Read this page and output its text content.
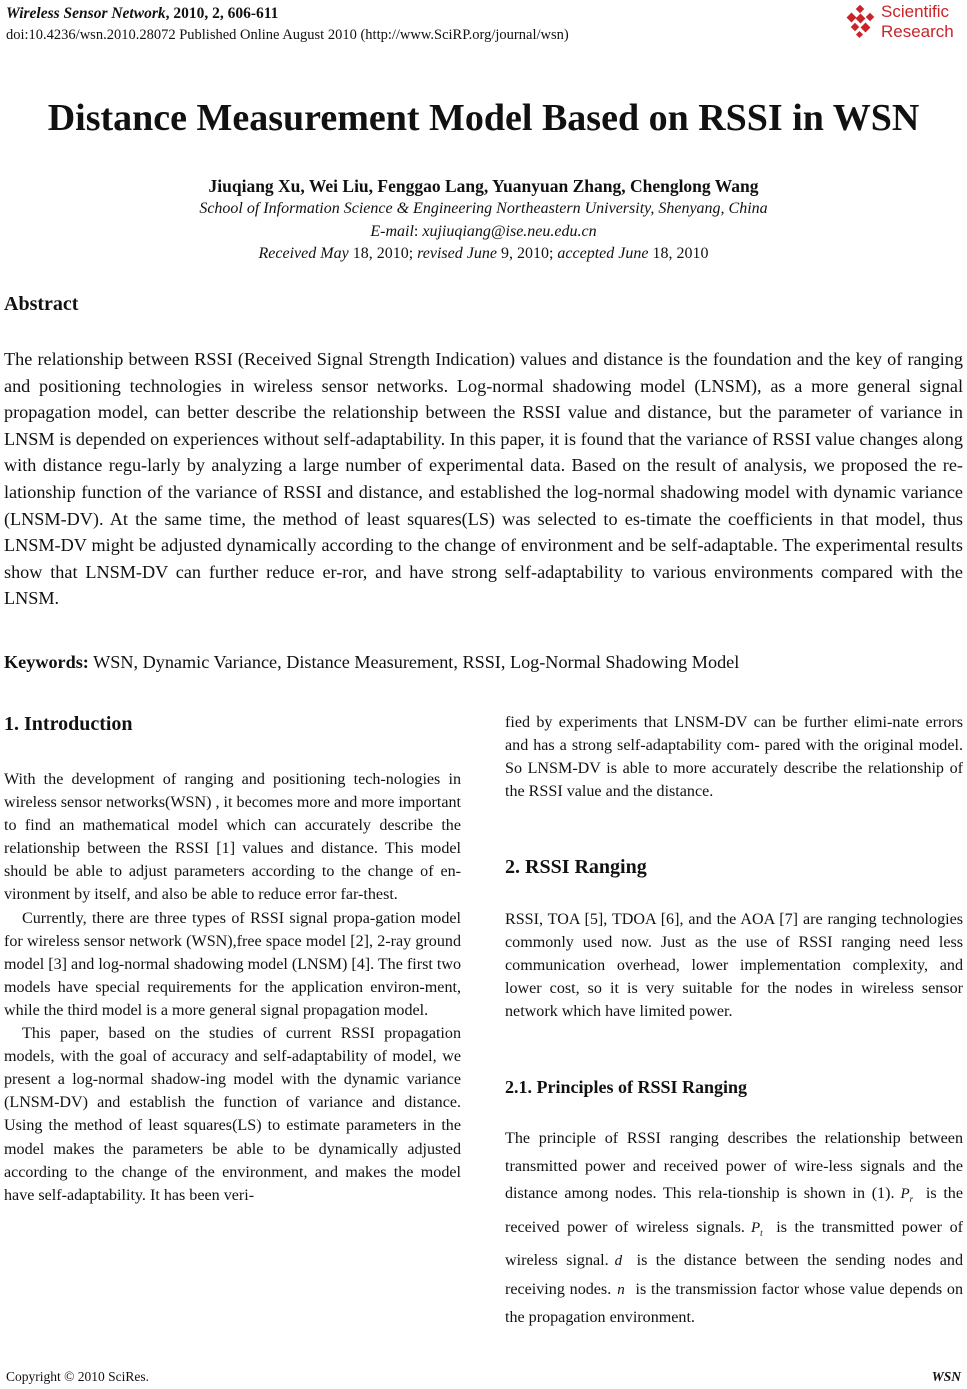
Wireless Sensor Network, 2010, 2, 606-611
doi:10.4236/wsn.2010.28072 Published Online August 2010 (http://www.SciRP.org/journal/wsn)
Scientific
Research
Distance Measurement Model Based on RSSI in WSN
Jiuqiang Xu, Wei Liu, Fenggao Lang, Yuanyuan Zhang, Chenglong Wang
School of Information Science & Engineering Northeastern University, Shenyang, China
E-mail: xujiuqiang@ise.neu.edu.cn
Received May 18, 2010; revised June 9, 2010; accepted June 18, 2010
Abstract
The relationship between RSSI (Received Signal Strength Indication) values and distance is the foundation and the key of ranging and positioning technologies in wireless sensor networks. Log-normal shadowing model (LNSM), as a more general signal propagation model, can better describe the relationship between the RSSI value and distance, but the parameter of variance in LNSM is depended on experiences without self-adaptability. In this paper, it is found that the variance of RSSI value changes along with distance regu-larly by analyzing a large number of experimental data. Based on the result of analysis, we proposed the re-lationship function of the variance of RSSI and distance, and established the log-normal shadowing model with dynamic variance (LNSM-DV). At the same time, the method of least squares(LS) was selected to es-timate the coefficients in that model, thus LNSM-DV might be adjusted dynamically according to the change of environment and be self-adaptable. The experimental results show that LNSM-DV can further reduce er-ror, and have strong self-adaptability to various environments compared with the LNSM.
Keywords: WSN, Dynamic Variance, Distance Measurement, RSSI, Log-Normal Shadowing Model
1. Introduction

With the development of ranging and positioning tech-nologies in wireless sensor networks(WSN) , it becomes more and more important to find an mathematical model which can accurately describe the relationship between the RSSI [1] values and distance. This model should be able to adjust parameters according to the change of en-vironment by itself, and also be able to reduce error far-thest.

Currently, there are three types of RSSI signal propa-gation model for wireless sensor network (WSN),free space model [2], 2-ray ground model [3] and log-normal shadowing model (LNSM) [4]. The first two models have special requirements for the application environ-ment, while the third model is a more general signal propagation model.

This paper, based on the studies of current RSSI propagation models, with the goal of accuracy and self-adaptability of model, we present a log-normal shadow-ing model with the dynamic variance (LNSM-DV) and establish the function of variance and distance. Using the method of least squares(LS) to estimate parameters in the model makes the parameters be able to be dynamically adjusted according to the change of the environment, and makes the model have self-adaptability. It has been veri-

fied by experiments that LNSM-DV can be further elimi-nate errors and has a strong self-adaptability com- pared with the original model. So LNSM-DV is able to more accurately describe the relationship of the RSSI value and the distance.

2. RSSI Ranging

RSSI, TOA [5], TDOA [6], and the AOA [7] are ranging technologies commonly used now. Just as the use of RSSI ranging need less communication overhead, lower implementation complexity, and lower cost, so it is very suitable for the nodes in wireless sensor network which have limited power.

2.1. Principles of RSSI Ranging

The principle of RSSI ranging describes the relationship between transmitted power and received power of wire-less signals and the distance among nodes. This rela-tionship is shown in (1). $P_r$ is the received power of wireless signals. $P_t$ is the transmitted power of wireless signal. d is the distance between the sending nodes and receiving nodes. n is the transmission factor whose value depends on the propagation environment.

Copyright © 2010 SciRes.	WSN
